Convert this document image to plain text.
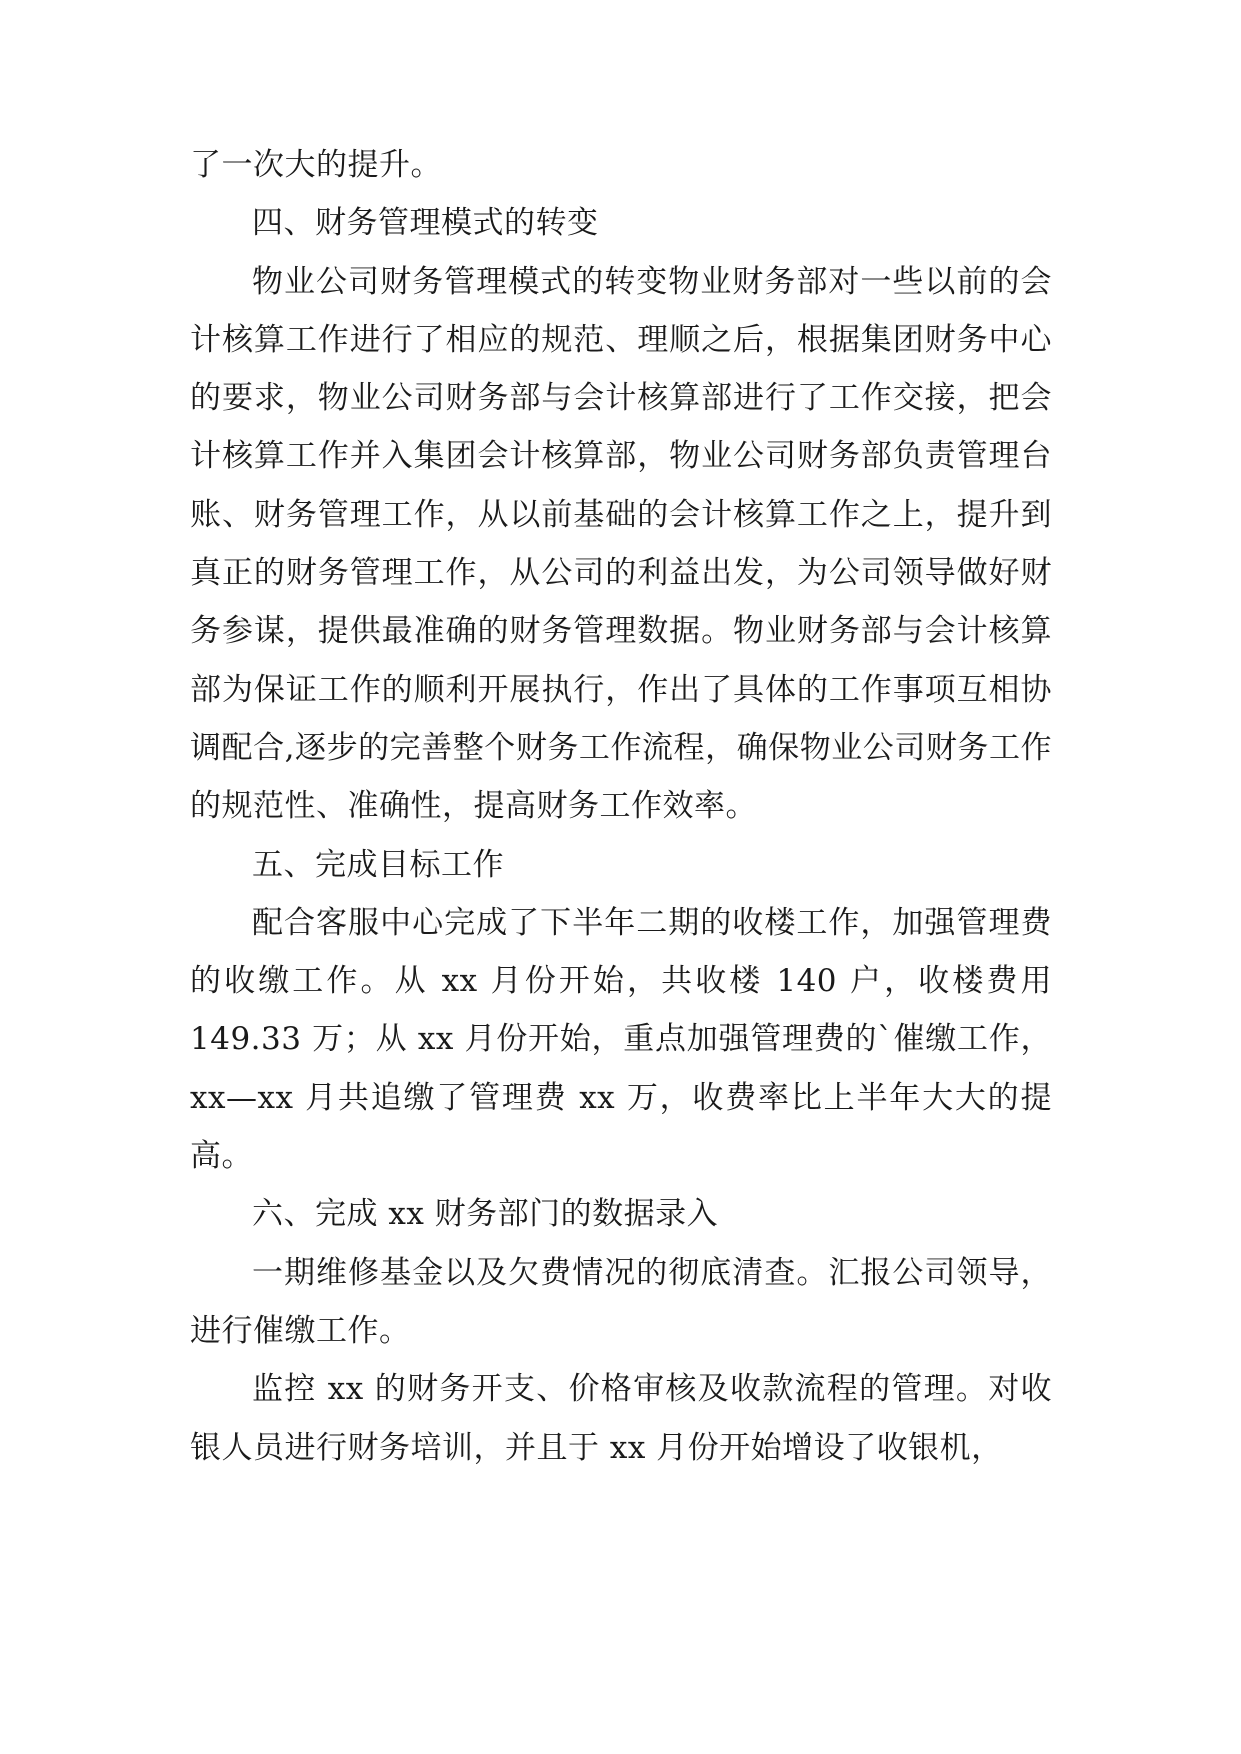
了一次大的提升。

四、财务管理模式的转变

物业公司财务管理模式的转变物业财务部对一些以前的会计核算工作进行了相应的规范、理顺之后，根据集团财务中心的要求，物业公司财务部与会计核算部进行了工作交接，把会计核算工作并入集团会计核算部，物业公司财务部负责管理台账、财务管理工作，从以前基础的会计核算工作之上，提升到真正的财务管理工作，从公司的利益出发，为公司领导做好财务参谋，提供最准确的财务管理数据。物业财务部与会计核算部为保证工作的顺利开展执行，作出了具体的工作事项互相协调配合,逐步的完善整个财务工作流程，确保物业公司财务工作的规范性、准确性，提高财务工作效率。

五、完成目标工作

配合客服中心完成了下半年二期的收楼工作，加强管理费的收缴工作。从 xx 月份开始，共收楼 140 户，收楼费用 149.33 万；从 xx 月份开始，重点加强管理费的`催缴工作，xx—xx 月共追缴了管理费 xx 万，收费率比上半年大大的提高。

六、完成 xx 财务部门的数据录入

一期维修基金以及欠费情况的彻底清查。汇报公司领导，进行催缴工作。

监控 xx 的财务开支、价格审核及收款流程的管理。对收银人员进行财务培训，并且于 xx 月份开始增设了收银机，
